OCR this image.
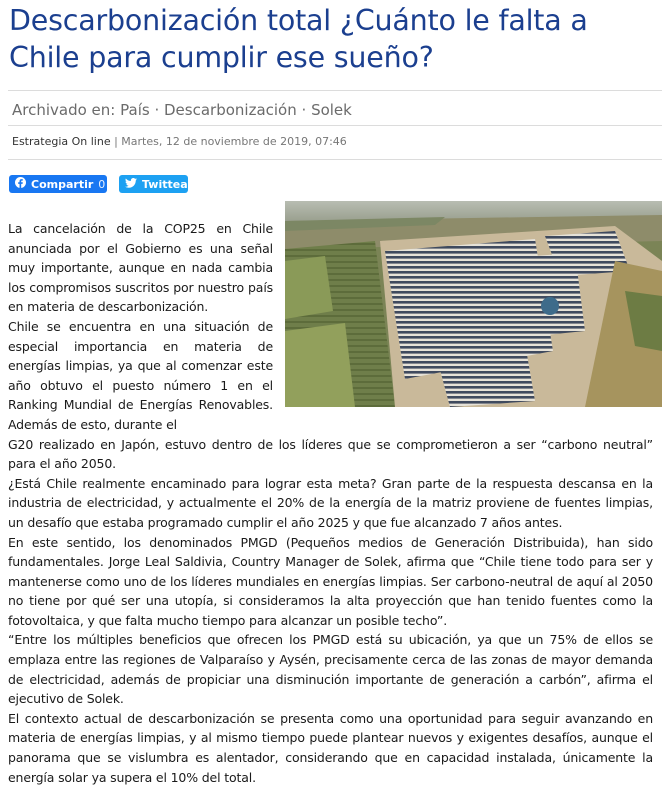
Descarbonización total ¿Cuánto le falta a Chile para cumplir ese sueño?
Archivado en: País · Descarbonización · Solek
Estrategia On line | Martes, 12 de noviembre de 2019, 07:46
Compartir 0	Twittear

La cancelación de la COP25 en Chile anunciada por el Gobierno es una señal muy importante, aunque en nada cambia los compromisos suscritos por nuestro país en materia de descarbonización.

Chile se encuentra en una situación de especial importancia en materia de energías limpias, ya que al comenzar este año obtuvo el puesto número 1 en el Ranking Mundial de Energías Renovables. Además de esto, durante el

G20 realizado en Japón, estuvo dentro de los líderes que se comprometieron a ser “carbono neutral” para el año 2050.

¿Está Chile realmente encaminado para lograr esta meta? Gran parte de la respuesta descansa en la industria de electricidad, y actualmente el 20% de la energía de la matriz proviene de fuentes limpias, un desafío que estaba programado cumplir el año 2025 y que fue alcanzado 7 años antes.

En este sentido, los denominados PMGD (Pequeños medios de Generación Distribuida), han sido fundamentales. Jorge Leal Saldivia, Country Manager de Solek, afirma que “Chile tiene todo para ser y mantenerse como uno de los líderes mundiales en energías limpias. Ser carbono-neutral de aquí al 2050 no tiene por qué ser una utopía, si consideramos la alta proyección que han tenido fuentes como la fotovoltaica, y que falta mucho tiempo para alcanzar un posible techo”.

“Entre los múltiples beneficios que ofrecen los PMGD está su ubicación, ya que un 75% de ellos se emplaza entre las regiones de Valparaíso y Aysén, precisamente cerca de las zonas de mayor demanda de electricidad, además de propiciar una disminución importante de generación a carbón”, afirma el ejecutivo de Solek.

El contexto actual de descarbonización se presenta como una oportunidad para seguir avanzando en materia de energías limpias, y al mismo tiempo puede plantear nuevos y exigentes desafíos, aunque el panorama que se vislumbra es alentador, considerando que en capacidad instalada, únicamente la energía solar ya supera el 10% del total.
